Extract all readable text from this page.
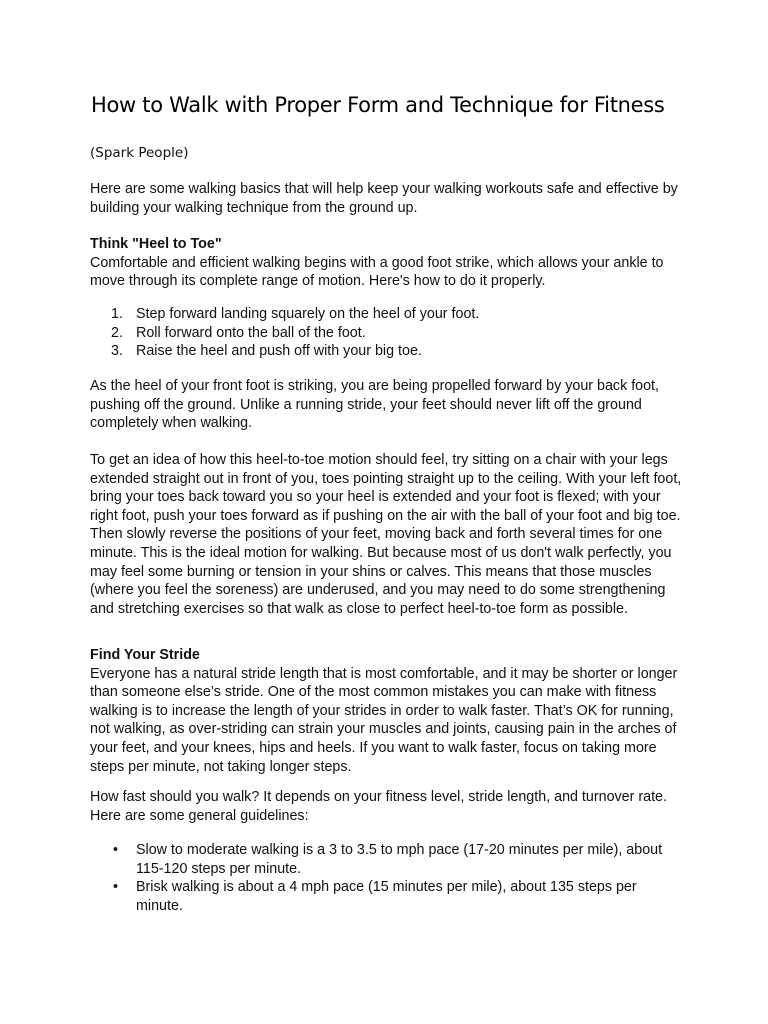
How to Walk with Proper Form and Technique for Fitness

(Spark People)

Here are some walking basics that will help keep your walking workouts safe and effective by building your walking technique from the ground up.

Think "Heel to Toe"
Comfortable and efficient walking begins with a good foot strike, which allows your ankle to move through its complete range of motion. Here's how to do it properly.
1. Step forward landing squarely on the heel of your foot.
2. Roll forward onto the ball of the foot.
3. Raise the heel and push off with your big toe.

As the heel of your front foot is striking, you are being propelled forward by your back foot, pushing off the ground. Unlike a running stride, your feet should never lift off the ground completely when walking.

To get an idea of how this heel-to-toe motion should feel, try sitting on a chair with your legs extended straight out in front of you, toes pointing straight up to the ceiling. With your left foot, bring your toes back toward you so your heel is extended and your foot is flexed; with your right foot, push your toes forward as if pushing on the air with the ball of your foot and big toe. Then slowly reverse the positions of your feet, moving back and forth several times for one minute. This is the ideal motion for walking. But because most of us don't walk perfectly, you may feel some burning or tension in your shins or calves. This means that those muscles (where you feel the soreness) are underused, and you may need to do some strengthening and stretching exercises so that walk as close to perfect heel-to-toe form as possible.

Find Your Stride
Everyone has a natural stride length that is most comfortable, and it may be shorter or longer than someone else’s stride. One of the most common mistakes you can make with fitness walking is to increase the length of your strides in order to walk faster. That’s OK for running, not walking, as over-striding can strain your muscles and joints, causing pain in the arches of your feet, and your knees, hips and heels. If you want to walk faster, focus on taking more steps per minute, not taking longer steps.

How fast should you walk? It depends on your fitness level, stride length, and turnover rate. Here are some general guidelines:

• Slow to moderate walking is a 3 to 3.5 to mph pace (17-20 minutes per mile), about 115-120 steps per minute.
• Brisk walking is about a 4 mph pace (15 minutes per mile), about 135 steps per minute.
